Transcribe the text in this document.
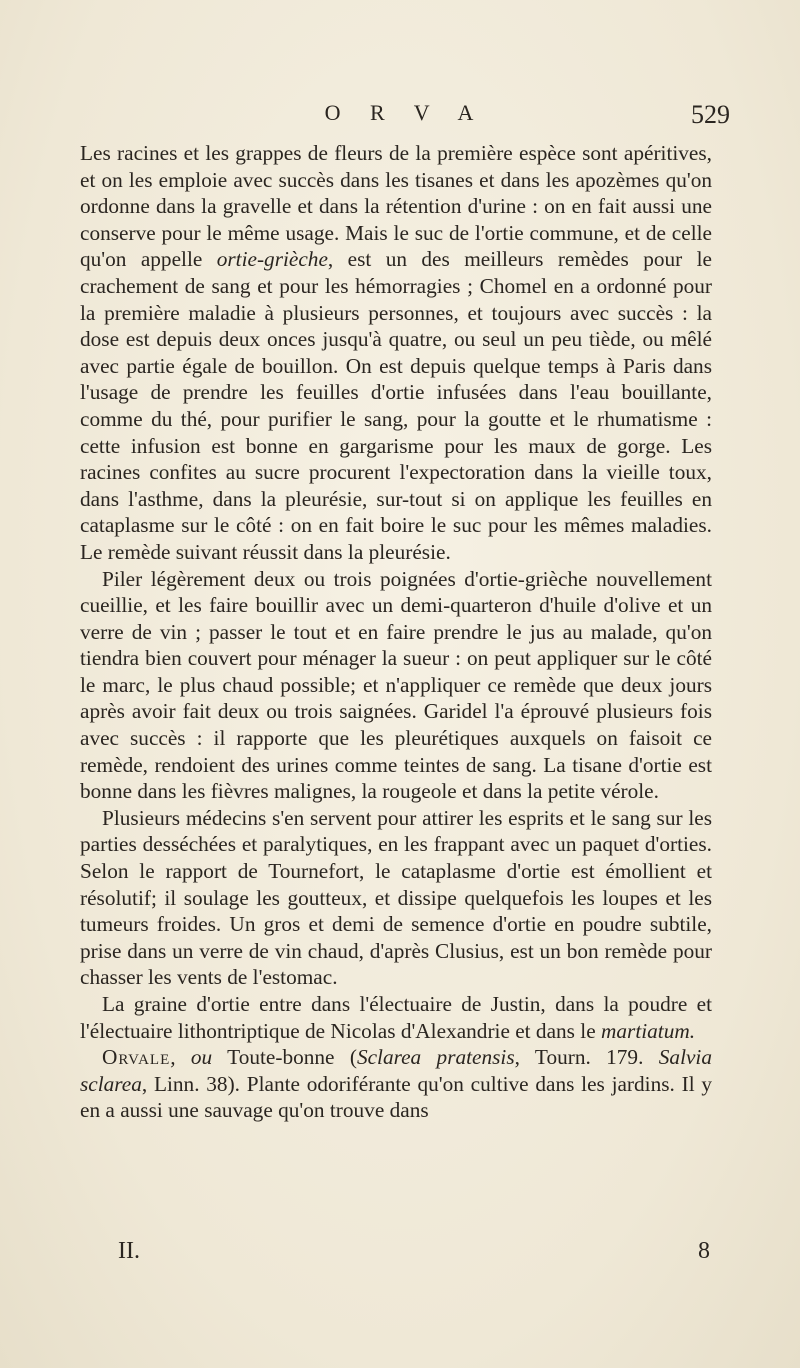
O R V A	529

Les racines et les grappes de fleurs de la première espèce sont apéritives, et on les emploie avec succès dans les tisanes et dans les apozèmes qu'on ordonne dans la gravelle et dans la rétention d'urine : on en fait aussi une conserve pour le même usage. Mais le suc de l'ortie commune, et de celle qu'on appelle ortie-grièche, est un des meilleurs remèdes pour le crachement de sang et pour les hémorragies ; Chomel en a ordonné pour la première maladie à plusieurs personnes, et toujours avec succès : la dose est depuis deux onces jusqu'à quatre, ou seul un peu tiède, ou mêlé avec partie égale de bouillon. On est depuis quelque temps à Paris dans l'usage de prendre les feuilles d'ortie infusées dans l'eau bouillante, comme du thé, pour purifier le sang, pour la goutte et le rhumatisme : cette infusion est bonne en gargarisme pour les maux de gorge. Les racines confites au sucre procurent l'expectoration dans la vieille toux, dans l'asthme, dans la pleurésie, sur-tout si on applique les feuilles en cataplasme sur le côté : on en fait boire le suc pour les mêmes maladies. Le remède suivant réussit dans la pleurésie.

Piler légèrement deux ou trois poignées d'ortie-grièche nouvellement cueillie, et les faire bouillir avec un demi-quarteron d'huile d'olive et un verre de vin ; passer le tout et en faire prendre le jus au malade, qu'on tiendra bien couvert pour ménager la sueur : on peut appliquer sur le côté le marc, le plus chaud possible; et n'appliquer ce remède que deux jours après avoir fait deux ou trois saignées. Garidel l'a éprouvé plusieurs fois avec succès : il rapporte que les pleurétiques auxquels on faisoit ce remède, rendoient des urines comme teintes de sang. La tisane d'ortie est bonne dans les fièvres malignes, la rougeole et dans la petite vérole.

Plusieurs médecins s'en servent pour attirer les esprits et le sang sur les parties desséchées et paralytiques, en les frappant avec un paquet d'orties. Selon le rapport de Tournefort, le cataplasme d'ortie est émollient et résolutif; il soulage les goutteux, et dissipe quelquefois les loupes et les tumeurs froides. Un gros et demi de semence d'ortie en poudre subtile, prise dans un verre de vin chaud, d'après Clusius, est un bon remède pour chasser les vents de l'estomac.

La graine d'ortie entre dans l'électuaire de Justin, dans la poudre et l'électuaire lithontriptique de Nicolas d'Alexandrie et dans le martiatum.

Orvale, ou Toute-bonne (Sclarea pratensis, Tourn. 179. Salvia sclarea, Linn. 38). Plante odoriférante qu'on cultive dans les jardins. Il y en a aussi une sauvage qu'on trouve dans

II.	8
